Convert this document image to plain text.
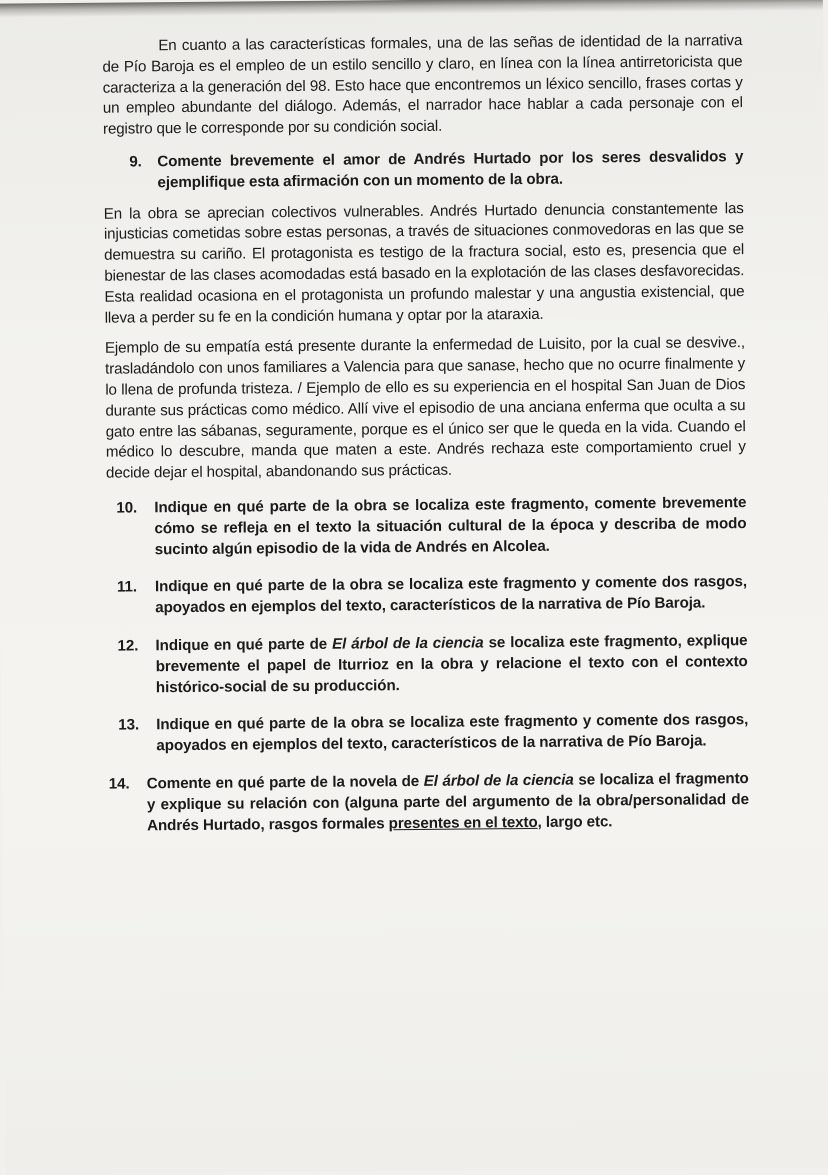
En cuanto a las características formales, una de las señas de identidad de la narrativa de Pío Baroja es el empleo de un estilo sencillo y claro, en línea con la línea antirretoricista que caracteriza a la generación del 98. Esto hace que encontremos un léxico sencillo, frases cortas y un empleo abundante del diálogo. Además, el narrador hace hablar a cada personaje con el registro que le corresponde por su condición social.

9.	Comente brevemente el amor de Andrés Hurtado por los seres desvalidos y ejemplifique esta afirmación con un momento de la obra.

En la obra se aprecian colectivos vulnerables. Andrés Hurtado denuncia constantemente las injusticias cometidas sobre estas personas, a través de situaciones conmovedoras en las que se demuestra su cariño. El protagonista es testigo de la fractura social, esto es, presencia que el bienestar de las clases acomodadas está basado en la explotación de las clases desfavorecidas. Esta realidad ocasiona en el protagonista un profundo malestar y una angustia existencial, que lleva a perder su fe en la condición humana y optar por la ataraxia.

Ejemplo de su empatía está presente durante la enfermedad de Luisito, por la cual se desvive., trasladándolo con unos familiares a Valencia para que sanase, hecho que no ocurre finalmente y lo llena de profunda tristeza. / Ejemplo de ello es su experiencia en el hospital San Juan de Dios durante sus prácticas como médico. Allí vive el episodio de una anciana enferma que oculta a su gato entre las sábanas, seguramente, porque es el único ser que le queda en la vida. Cuando el médico lo descubre, manda que maten a este. Andrés rechaza este comportamiento cruel y decide dejar el hospital, abandonando sus prácticas.

10.	Indique en qué parte de la obra se localiza este fragmento, comente brevemente cómo se refleja en el texto la situación cultural de la época y describa de modo sucinto algún episodio de la vida de Andrés en Alcolea.
11.	Indique en qué parte de la obra se localiza este fragmento y comente dos rasgos, apoyados en ejemplos del texto, característicos de la narrativa de Pío Baroja.
12.	Indique en qué parte de El árbol de la ciencia se localiza este fragmento, explique brevemente el papel de Iturrioz en la obra y relacione el texto con el contexto histórico-social de su producción.
13.	Indique en qué parte de la obra se localiza este fragmento y comente dos rasgos, apoyados en ejemplos del texto, característicos de la narrativa de Pío Baroja.
14.	Comente en qué parte de la novela de El árbol de la ciencia se localiza el fragmento y explique su relación con (alguna parte del argumento de la obra/personalidad de Andrés Hurtado, rasgos formales presentes en el texto, largo etc.
